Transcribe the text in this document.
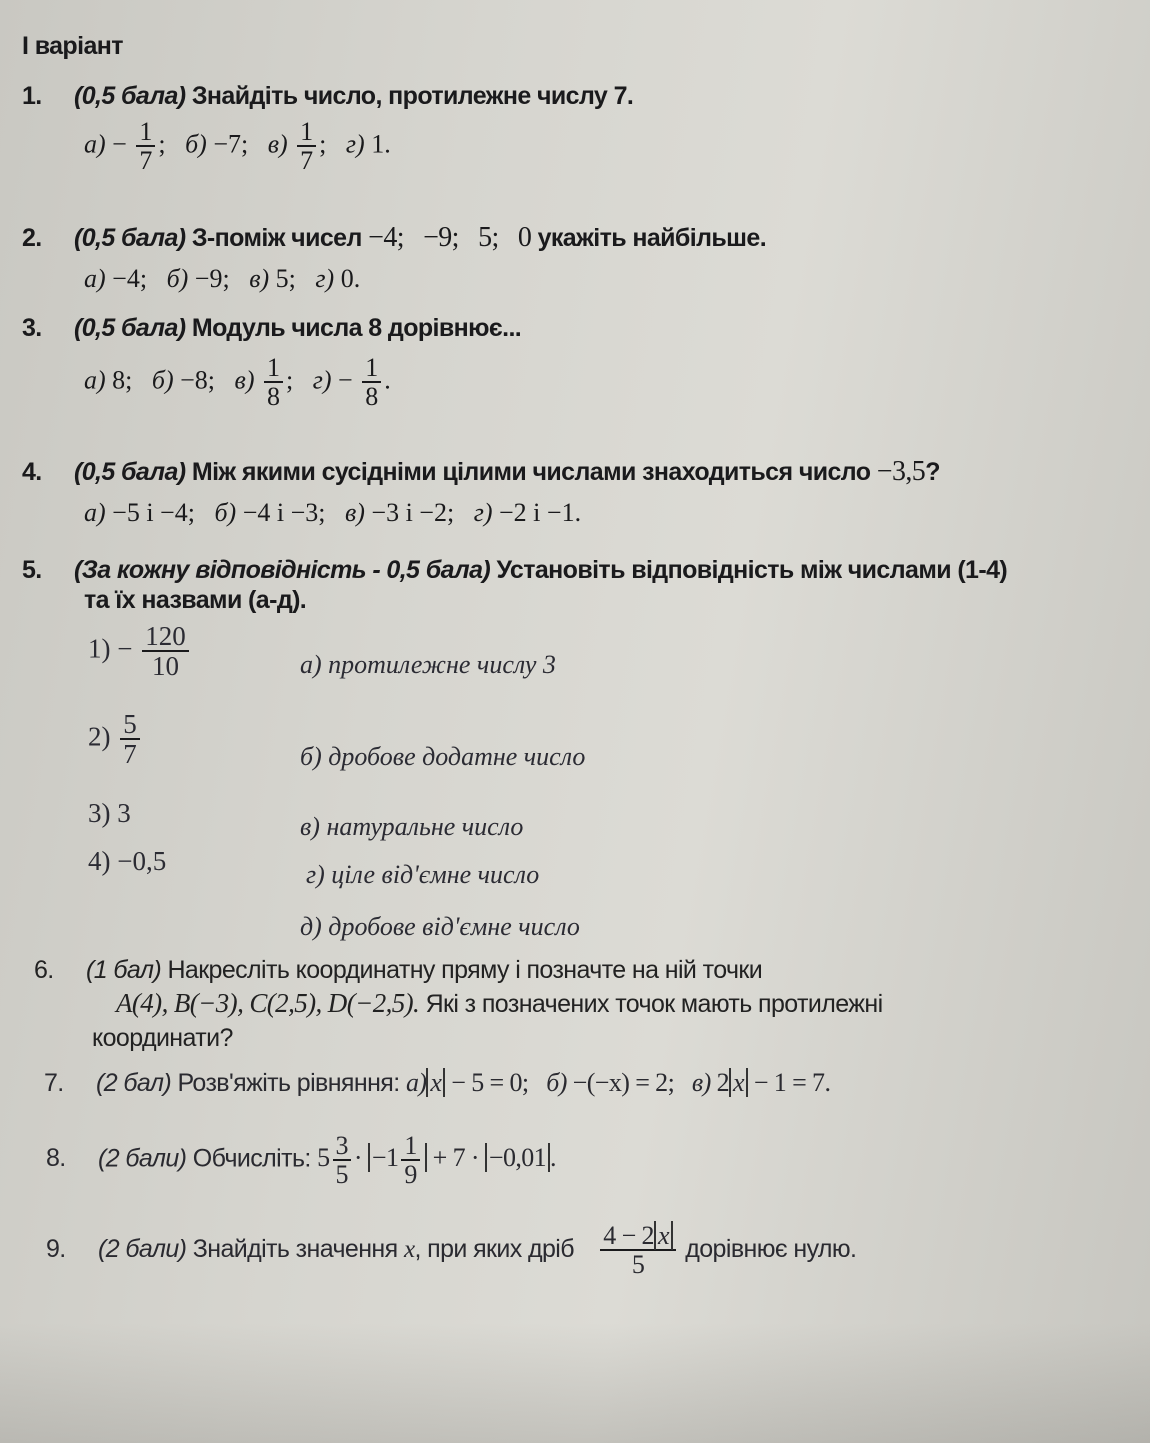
І варіант
1. (0,5 бала) Знайдіть число, протилежне числу 7.
$а) - \frac{1}{7}$ ; б) −7; $в) \frac{1}{7}$ ; г) 1.
2. (0,5 бала) З-поміж чисел −4;   −9;   5;   0 укажіть найбільше.
а) −4; б) −9; в) 5; г) 0.
3. (0,5 бала) Модуль числа 8 дорівнює...
а) 8; б) −8; $в) \frac{1}{8}$ ; $г) - \frac{1}{8}$ .
4. (0,5 бала) Між якими сусідніми цілими числами знаходиться число −3,5?
а) −5 і −4; б) −4 і −3; в) −3 і −2; г) −2 і −1.
5. (За кожну відповідність - 0,5 бала) Установіть відповідність між числами (1-4)
та їх назвами (а-д).
$1) - \frac{120}{10}$
$2) \frac{5}{7}$
3) 3
4) −0,5
а) протилежне числу 3
б) дробове додатне число
в) натуральне число
г) ціле від'ємне число
д) дробове від'ємне число
6. (1 бал) Накресліть координатну пряму і позначте на ній точки
A(4), B(−3), C(2,5), D(−2,5). Які з позначених точок мають протилежні
координати?
7. (2 бал) Розв'яжіть рівняння: а) x − 5 = 0; б) −(−x) = 2; в) 2 x − 1 = 7.
8. (2 бали) Обчисліть: $5 \frac{3}{5} \cdot -1 \frac{1}{9} + 7 \cdot -0,01$ .
9. (2 бали) Знайдіть значення x, при яких дріб $\frac{4 - 2 x}{5}$ дорівнює нулю.
